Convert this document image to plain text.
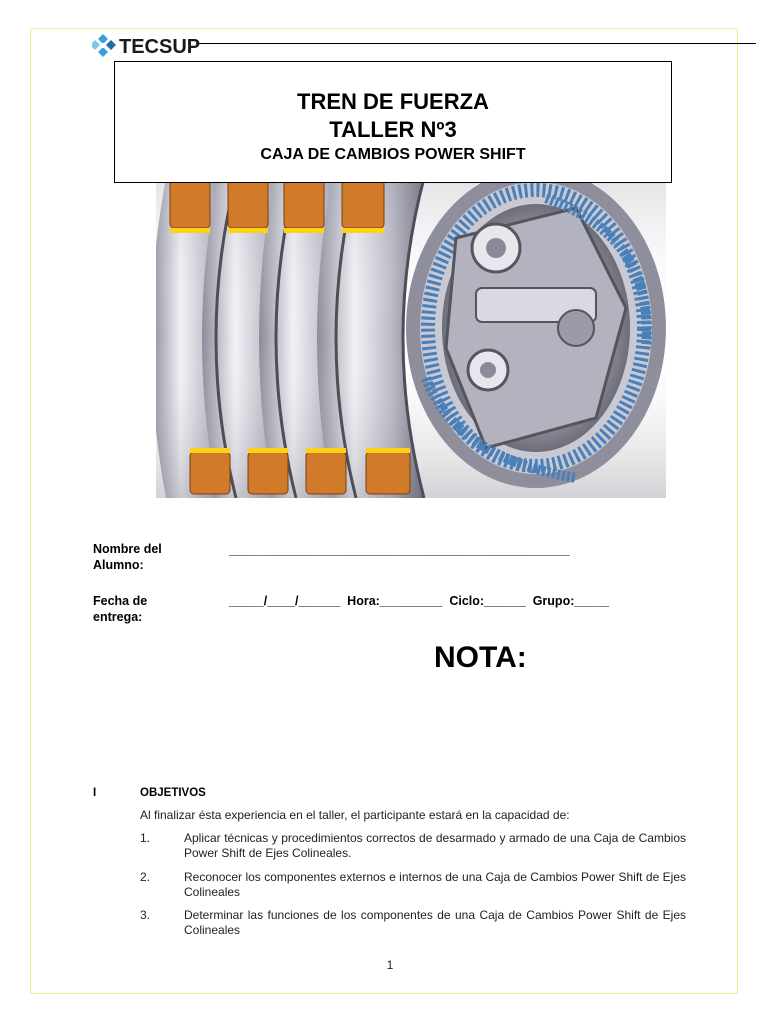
TECSUP
TREN DE FUERZA
TALLER Nº3
CAJA DE CAMBIOS POWER SHIFT
Nombre del
Alumno:
_________________________________________________
Fecha de
entrega:
_____/____/______  Hora:_________  Ciclo:______  Grupo:_____
NOTA:
I	OBJETIVOS
Al finalizar ésta experiencia en el taller, el participante estará en la capacidad de:
1.	Aplicar técnicas y procedimientos correctos de desarmado y armado de una Caja de Cambios Power Shift de Ejes Colineales.
2.	Reconocer los componentes externos e internos de una Caja de Cambios Power Shift de Ejes Colineales
3.	Determinar las funciones de los componentes de una Caja de Cambios Power Shift de Ejes Colineales
1
